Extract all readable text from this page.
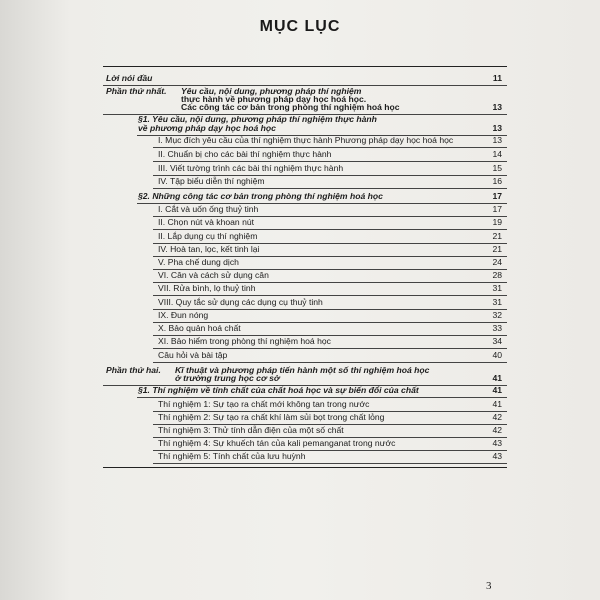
MỤC LỤC
Lời nói đầu	11
Phần thứ nhất. Yêu cầu, nội dung, phương pháp thí nghiệm
thực hành về phương pháp dạy học hoá học.
Các công tác cơ bản trong phòng thí nghiệm hoá học	13
§1. Yêu cầu, nội dung, phương pháp thí nghiệm thực hành
về phương pháp dạy học hoá học	13
I. Mục đích yêu cầu của thí nghiệm thực hành Phương pháp dạy học hoá học	13
II. Chuẩn bị cho các bài thí nghiệm thực hành	14
III. Viết tường trình các bài thí nghiệm thực hành	15
IV. Tập biểu diễn thí nghiệm	16
§2. Những công tác cơ bản trong phòng thí nghiệm hoá học	17
I. Cắt và uốn ống thuỷ tinh	17
II. Chọn nút và khoan nút	19
II. Lắp dụng cụ thí nghiệm	21
IV. Hoà tan, lọc, kết tinh lại	21
V. Pha chế dung dịch	24
VI. Cân và cách sử dụng cân	28
VII. Rửa bình, lọ thuỷ tinh	31
VIII. Quy tắc sử dụng các dụng cụ thuỷ tinh	31
IX. Đun nóng	32
X. Bảo quản hoá chất	33
XI. Bảo hiểm trong phòng thí nghiệm hoá học	34
Câu hỏi và bài tập	40
Phần thứ hai. Kĩ thuật và phương pháp tiến hành một số thí nghiệm hoá học
ở trường trung học cơ sở	41
§1. Thí nghiệm về tính chất của chất hoá học và sự biến đổi của chất	41
Thí nghiệm 1: Sự tạo ra chất mới không tan trong nước	41
Thí nghiệm 2: Sự tạo ra chất khí làm sủi bọt trong chất lỏng	42
Thí nghiệm 3: Thử tính dẫn điện của một số chất	42
Thí nghiệm 4: Sự khuếch tán của kali pemanganat trong nước	43
Thí nghiệm 5: Tính chất của lưu huỳnh	43
3
